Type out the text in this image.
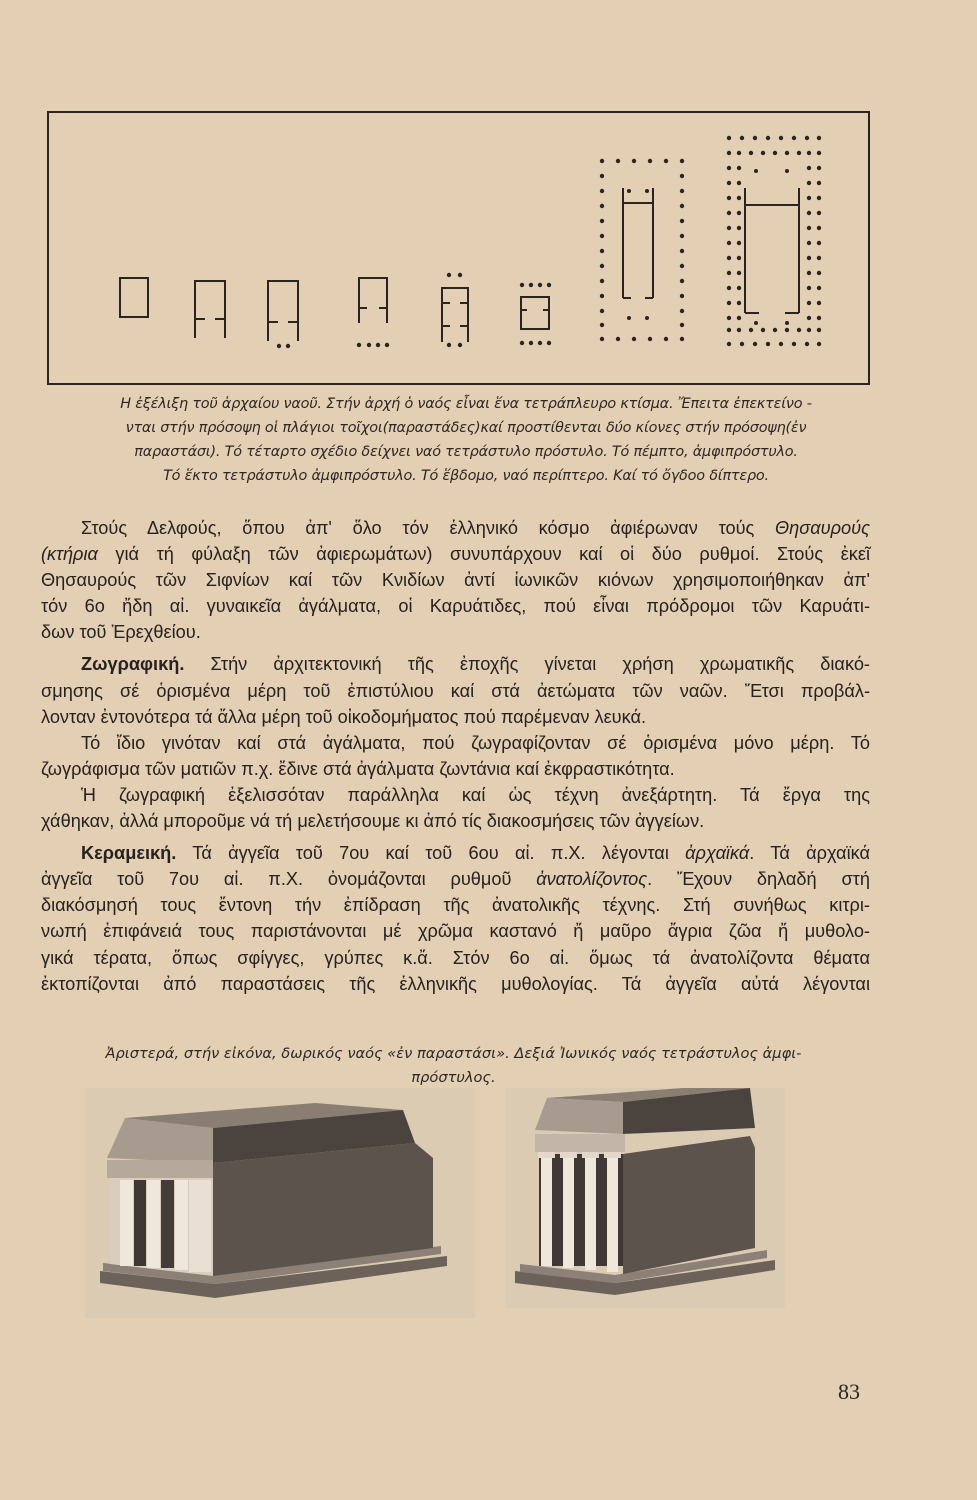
Η ἐξέλιξη τοῦ ἀρχαίου ναοῦ. Στήν ἀρχή ὁ ναός εἶναι ἕνα τετράπλευρο κτίσμα. Ἔπειτα ἐπεκτείνο -
νται στήν πρόσοψη οἱ πλάγιοι τοῖχοι(παραστάδες)καί προστίθενται δύο κίονες στήν πρόσοψη(ἐν
παραστάσι). Τό τέταρτο σχέδιο δείχνει ναό τετράστυλο πρόστυλο. Τό πέμπτο, ἀμφιπρόστυλο.
Τό ἕκτο τετράστυλο ἀμφιπρόστυλο. Τό ἕβδομο, ναό περίπτερο. Καί τό ὄγδοο δίπτερο.
Στούς Δελφούς, ὅπου ἀπ' ὅλο τόν ἑλληνικό κόσμο ἀφιέρωναν τούς Θησαυρούς
(κτήρια γιά τή φύλαξη τῶν ἀφιερωμάτων) συνυπάρχουν καί οἱ δύο ρυθμοί. Στούς ἐκεῖ
Θησαυρούς τῶν Σιφνίων καί τῶν Κνιδίων ἀντί ἰωνικῶν κιόνων χρησιμοποιήθηκαν ἀπ'
τόν 6ο ἤδη αἰ. γυναικεῖα ἀγάλματα, οἱ Καρυάτιδες, πού εἶναι πρόδρομοι τῶν Καρυάτι-
δων τοῦ Ἐρεχθείου.
Ζωγραφική. Στήν ἀρχιτεκτονική τῆς ἐποχῆς γίνεται χρήση χρωματικῆς διακό-
σμησης σέ ὁρισμένα μέρη τοῦ ἐπιστύλιου καί στά ἀετώματα τῶν ναῶν. Ἔτσι προβάλ-
λονταν ἐντονότερα τά ἄλλα μέρη τοῦ οἰκοδομήματος πού παρέμεναν λευκά.
Τό ἴδιο γινόταν καί στά ἀγάλματα, πού ζωγραφίζονταν σέ ὁρισμένα μόνο μέρη. Τό
ζωγράφισμα τῶν ματιῶν π.χ. ἔδινε στά ἀγάλματα ζωντάνια καί ἐκφραστικότητα.
Ἡ ζωγραφική ἐξελισσόταν παράλληλα καί ὡς τέχνη ἀνεξάρτητη. Τά ἔργα της
χάθηκαν, ἀλλά μποροῦμε νά τή μελετήσουμε κι ἀπό τίς διακοσμήσεις τῶν ἀγγείων.
Κεραμεική. Τά ἀγγεῖα τοῦ 7ου καί τοῦ 6ου αἰ. π.Χ. λέγονται ἀρχαϊκά. Τά ἀρχαϊκά
ἀγγεῖα τοῦ 7ου αἰ. π.Χ. ὀνομάζονται ρυθμοῦ ἀνατολίζοντος. Ἔχουν δηλαδή στή
διακόσμησή τους ἔντονη τήν ἐπίδραση τῆς ἀνατολικῆς τέχνης. Στή συνήθως κιτρι-
νωπή ἐπιφάνειά τους παριστάνονται μέ χρῶμα καστανό ἤ μαῦρο ἄγρια ζῶα ἤ μυθολο-
γικά τέρατα, ὅπως σφίγγες, γρύπες κ.ἄ. Στόν 6ο αἰ. ὅμως τά ἀνατολίζοντα θέματα
ἐκτοπίζονται ἀπό παραστάσεις τῆς ἑλληνικῆς μυθολογίας. Τά ἀγγεῖα αὐτά λέγονται
Ἀριστερά, στήν εἰκόνα, δωρικός ναός «ἐν παραστάσι». Δεξιά Ἰωνικός ναός τετράστυλος ἀμφι-
πρόστυλος.
83
